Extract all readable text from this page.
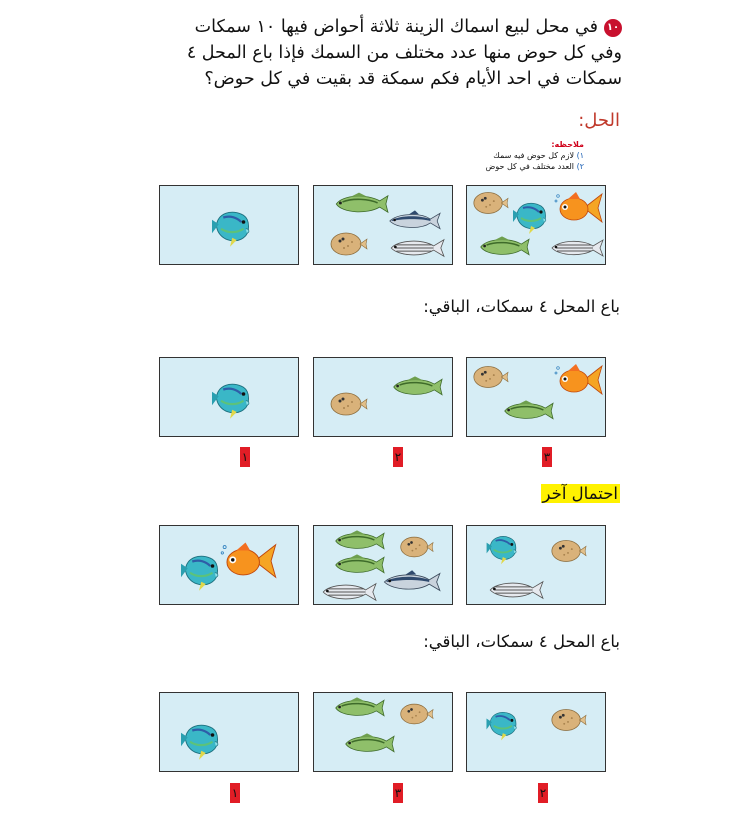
١٠في محل لبيع اسماك الزينة ثلاثة أحواض فيها ١٠ سمكات
وفي كل حوض منها عدد مختلف من السمك فإذا باع المحل ٤
سمكات في احد الأيام فكم سمكة قد بقيت في كل حوض؟
الحل:
ملاحظه:
١) لازم كل حوض فيه سمك
٢) العدد مختلف في كل حوض
باع المحل ٤ سمكات، الباقي:
٣
٢
١
احتمال آخر
باع المحل ٤ سمكات، الباقي:
٢
٣
١
